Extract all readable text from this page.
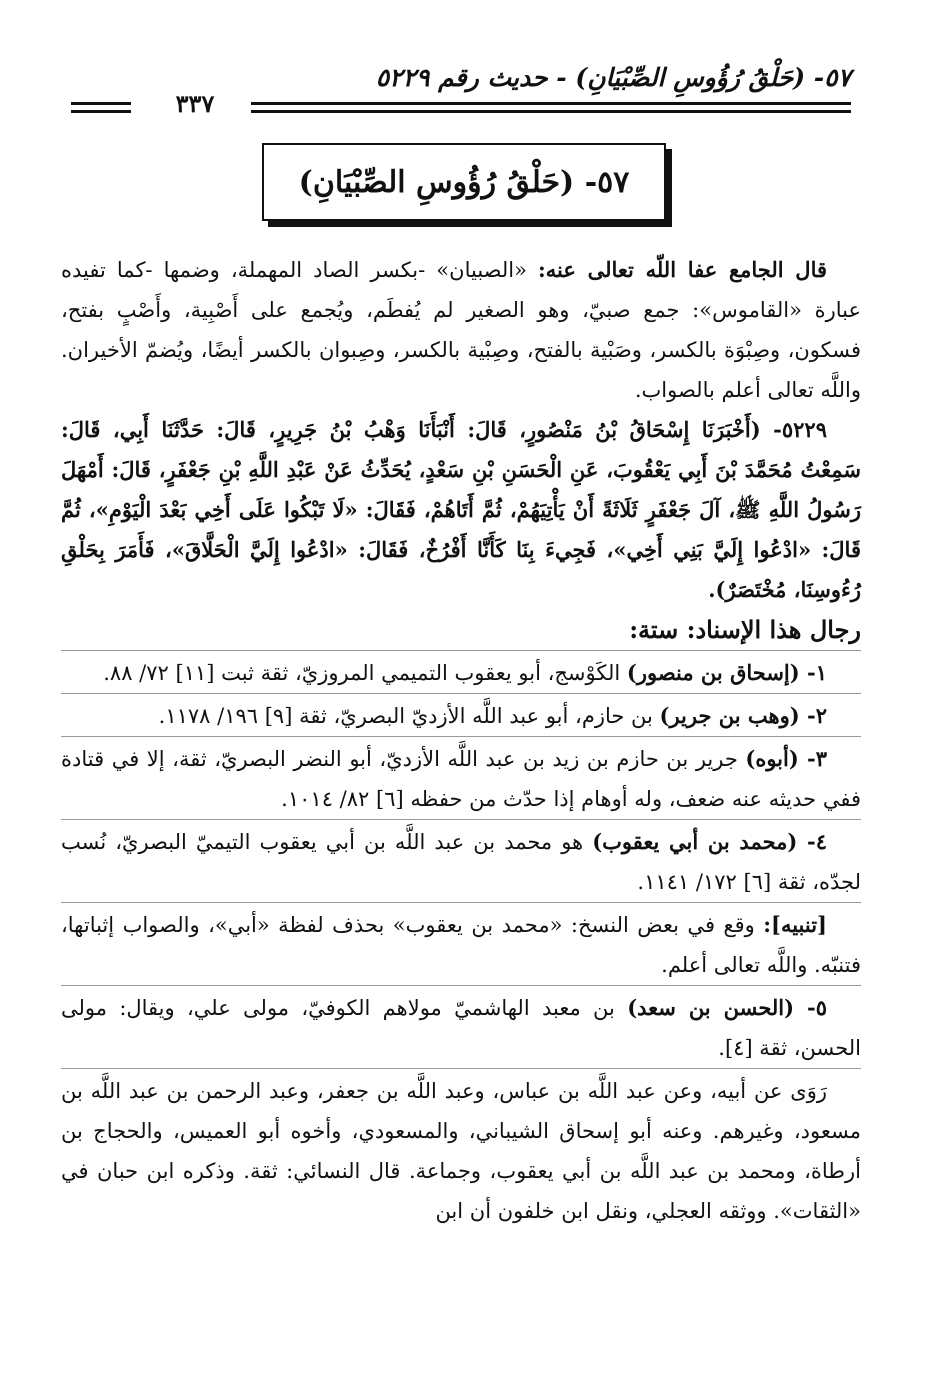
٥٧- (حَلْقُ رُؤُوسِ الصِّبْيَانِ) - حديث رقم ٥٢٢٩
٣٣٧
٥٧- (حَلْقُ رُؤُوسِ الصِّبْيَانِ)

قال الجامع عفا اللّه تعالى عنه: «الصبيان» -بكسر الصاد المهملة، وضمها -كما تفيده عبارة «القاموس»: جمع صبيّ، وهو الصغير لم يُفطَم، ويُجمع على أَصْبِية، وأَصْبٍ بفتح، فسكون، وصِبْوَة بالكسر، وصَبْية بالفتح، وصِبْية بالكسر، وصِبوان بالكسر أيضًا، ويُضمّ الأخيران. واللَّه تعالى أعلم بالصواب.

٥٢٢٩- (أَخْبَرَنَا إِسْحَاقُ بْنُ مَنْصُورٍ، قَالَ: أَنْبَأَنَا وَهْبُ بْنُ جَرِيرٍ، قَالَ: حَدَّثَنَا أَبِي، قَالَ: سَمِعْتُ مُحَمَّدَ بْنَ أَبِي يَعْقُوبَ، عَنِ الْحَسَنِ بْنِ سَعْدٍ، يُحَدِّثُ عَنْ عَبْدِ اللَّهِ بْنِ جَعْفَرٍ، قَالَ: أَمْهَلَ رَسُولُ اللَّهِ ﷺ، آلَ جَعْفَرٍ ثَلَاثَةً أَنْ يَأْتِيَهُمْ، ثُمَّ أَتَاهُمْ، فَقَالَ: «لَا تَبْكُوا عَلَى أَخِي بَعْدَ الْيَوْمِ»، ثُمَّ قَالَ: «ادْعُوا إِلَيَّ بَنِي أَخِي»، فَجِيءَ بِنَا كَأَنَّا أَفْرُخٌ، فَقَالَ: «ادْعُوا إِلَيَّ الْحَلَّاقَ»، فَأَمَرَ بِحَلْقِ رُءُوسِنَا، مُخْتَصَرٌ).

رجال هذا الإسناد: ستة:

١- (إسحاق بن منصور) الكَوْسج، أبو يعقوب التميمي المروزيّ، ثقة ثبت [١١] ٧٢/ ٨٨.

٢- (وهب بن جرير) بن حازم، أبو عبد اللَّه الأزديّ البصريّ، ثقة [٩] ١٩٦/ ١١٧٨.

٣- (أبوه) جرير بن حازم بن زيد بن عبد اللَّه الأزديّ، أبو النضر البصريّ، ثقة، إلا في قتادة ففي حديثه عنه ضعف، وله أوهام إذا حدّث من حفظه [٦] ٨٢/ ١٠١٤.

٤- (محمد بن أبي يعقوب) هو محمد بن عبد اللَّه بن أبي يعقوب التيميّ البصريّ، نُسب لجدّه، ثقة [٦] ١٧٢/ ١١٤١.

[تنبيه]: وقع في بعض النسخ: «محمد بن يعقوب» بحذف لفظة «أبي»، والصواب إثباتها، فتنبّه. واللَّه تعالى أعلم.

٥- (الحسن بن سعد) بن معبد الهاشميّ مولاهم الكوفيّ، مولى علي، ويقال: مولى الحسن، ثقة [٤].

رَوَى عن أبيه، وعن عبد اللَّه بن عباس، وعبد اللَّه بن جعفر، وعبد الرحمن بن عبد اللَّه بن مسعود، وغيرهم. وعنه أبو إسحاق الشيباني، والمسعودي، وأخوه أبو العميس، والحجاج بن أرطاة، ومحمد بن عبد اللَّه بن أبي يعقوب، وجماعة. قال النسائي: ثقة. وذكره ابن حبان في «الثقات». ووثقه العجلي، ونقل ابن خلفون أن ابن
